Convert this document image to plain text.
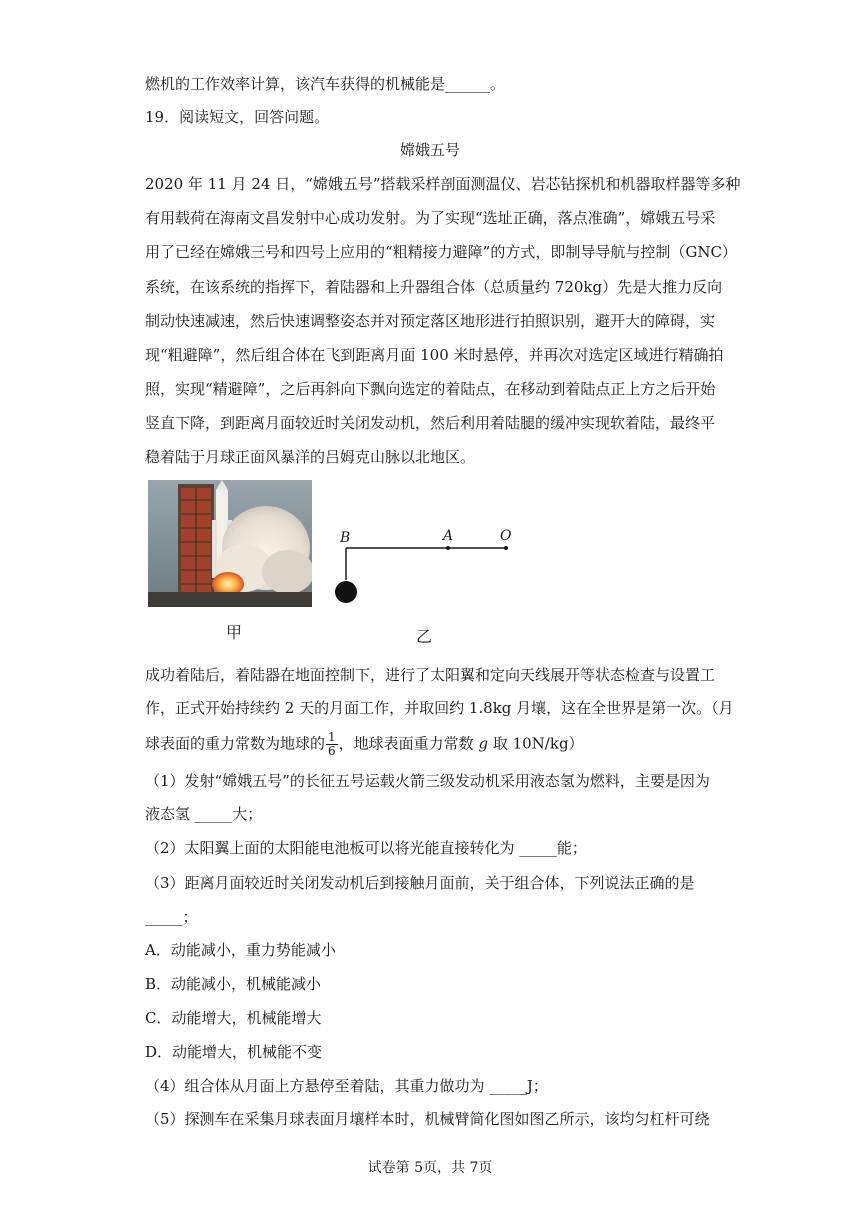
燃机的工作效率计算，该汽车获得的机械能是______。
19．阅读短文，回答问题。
嫦娥五号
2020 年 11 月 24 日，“嫦娥五号”搭载采样剖面测温仪、岩芯钻探机和机器取样器等多种
有用载荷在海南文昌发射中心成功发射。为了实现“选址正确，落点准确”，嫦娥五号采
用了已经在嫦娥三号和四号上应用的“粗精接力避障”的方式，即制导导航与控制（GNC）
系统，在该系统的指挥下，着陆器和上升器组合体（总质量约 720kg）先是大推力反向
制动快速减速，然后快速调整姿态并对预定落区地形进行拍照识别，避开大的障碍，实
现“粗避障”，然后组合体在飞到距离月面 100 米时悬停，并再次对选定区域进行精确拍
照，实现“精避障”，之后再斜向下飘向选定的着陆点，在移动到着陆点正上方之后开始
竖直下降，到距离月面较近时关闭发动机，然后利用着陆腿的缓冲实现软着陆，最终平
稳着陆于月球正面风暴洋的吕姆克山脉以北地区。
B	A	O
甲	乙
成功着陆后，着陆器在地面控制下，进行了太阳翼和定向天线展开等状态检查与设置工
作，正式开始持续约 2 天的月面工作，并取回约 1.8kg 月壤，这在全世界是第一次。（月
球表面的重力常数为地球的 $\frac{1}{6}$ ，地球表面重力常数 g 取 10N/kg）
（1）发射“嫦娥五号”的长征五号运载火箭三级发动机采用液态氢为燃料，主要是因为
液态氢 _____大；
（2）太阳翼上面的太阳能电池板可以将光能直接转化为 _____能；
（3）距离月面较近时关闭发动机后到接触月面前，关于组合体，下列说法正确的是
_____；
A．动能减小，重力势能减小
B．动能减小，机械能减小
C．动能增大，机械能增大
D．动能增大，机械能不变
（4）组合体从月面上方悬停至着陆，其重力做功为 _____J；
（5）探测车在采集月球表面月壤样本时，机械臂简化图如图乙所示，该均匀杠杆可绕
试卷第 5页，共 7页
